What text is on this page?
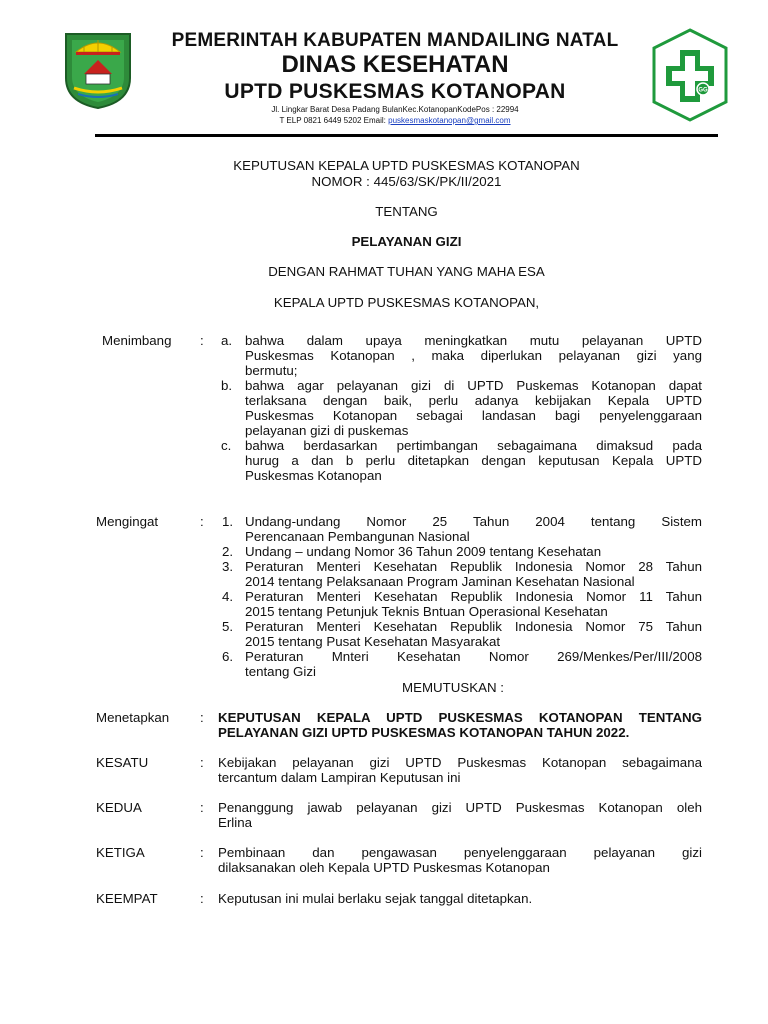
PEMERINTAH KABUPATEN MANDAILING NATAL
DINAS KESEHATAN
UPTD PUSKESMAS KOTANOPAN
Jl. Lingkar Barat Desa Padang BulanKec.KotanopanKodePos : 22994
T ELP 0821 6449 5202 Email: puskesmaskotanopan@gmail.com
GG
KEPUTUSAN KEPALA UPTD PUSKESMAS KOTANOPAN
NOMOR : 445/63/SK/PK/II/2021
TENTANG
PELAYANAN GIZI
DENGAN RAHMAT TUHAN YANG MAHA ESA
KEPALA UPTD PUSKESMAS KOTANOPAN,
Menimbang : a. bahwa dalam upaya meningkatkan mutu pelayanan UPTD
Puskesmas Kotanopan , maka diperlukan pelayanan gizi yang
bermutu;
b. bahwa agar pelayanan gizi di UPTD Puskemas Kotanopan dapat
terlaksana dengan baik, perlu adanya kebijakan Kepala UPTD
Puskesmas Kotanopan sebagai landasan bagi penyelenggaraan
pelayanan gizi di puskemas
c. bahwa berdasarkan pertimbangan sebagaimana dimaksud pada
hurug a dan b perlu ditetapkan dengan keputusan Kepala UPTD
Puskesmas Kotanopan
Mengingat	: 1. Undang-undang Nomor 25 Tahun 2004 tentang Sistem
Perencanaan Pembangunan Nasional
2. Undang – undang Nomor 36 Tahun 2009 tentang Kesehatan
3. Peraturan Menteri Kesehatan Republik Indonesia Nomor 28 Tahun
2014 tentang Pelaksanaan Program Jaminan Kesehatan Nasional
4. Peraturan Menteri Kesehatan Republik Indonesia Nomor 11 Tahun
2015 tentang Petunjuk Teknis Bntuan Operasional Kesehatan
5. Peraturan Menteri Kesehatan Republik Indonesia Nomor 75 Tahun
2015 tentang Pusat Kesehatan Masyarakat
6. Peraturan Mnteri Kesehatan Nomor 269/Menkes/Per/III/2008
tentang Gizi
MEMUTUSKAN :
Menetapkan : KEPUTUSAN KEPALA UPTD PUSKESMAS KOTANOPAN TENTANG
PELAYANAN GIZI UPTD PUSKESMAS KOTANOPAN TAHUN 2022.
KESATU	: Kebijakan pelayanan gizi UPTD Puskesmas Kotanopan sebagaimana
tercantum dalam Lampiran Keputusan ini
KEDUA	: Penanggung jawab pelayanan gizi UPTD Puskesmas Kotanopan oleh
Erlina
KETIGA	: Pembinaan dan pengawasan penyelenggaraan pelayanan gizi
dilaksanakan oleh Kepala UPTD Puskesmas Kotanopan
KEEMPAT	: Keputusan ini mulai berlaku sejak tanggal ditetapkan.
